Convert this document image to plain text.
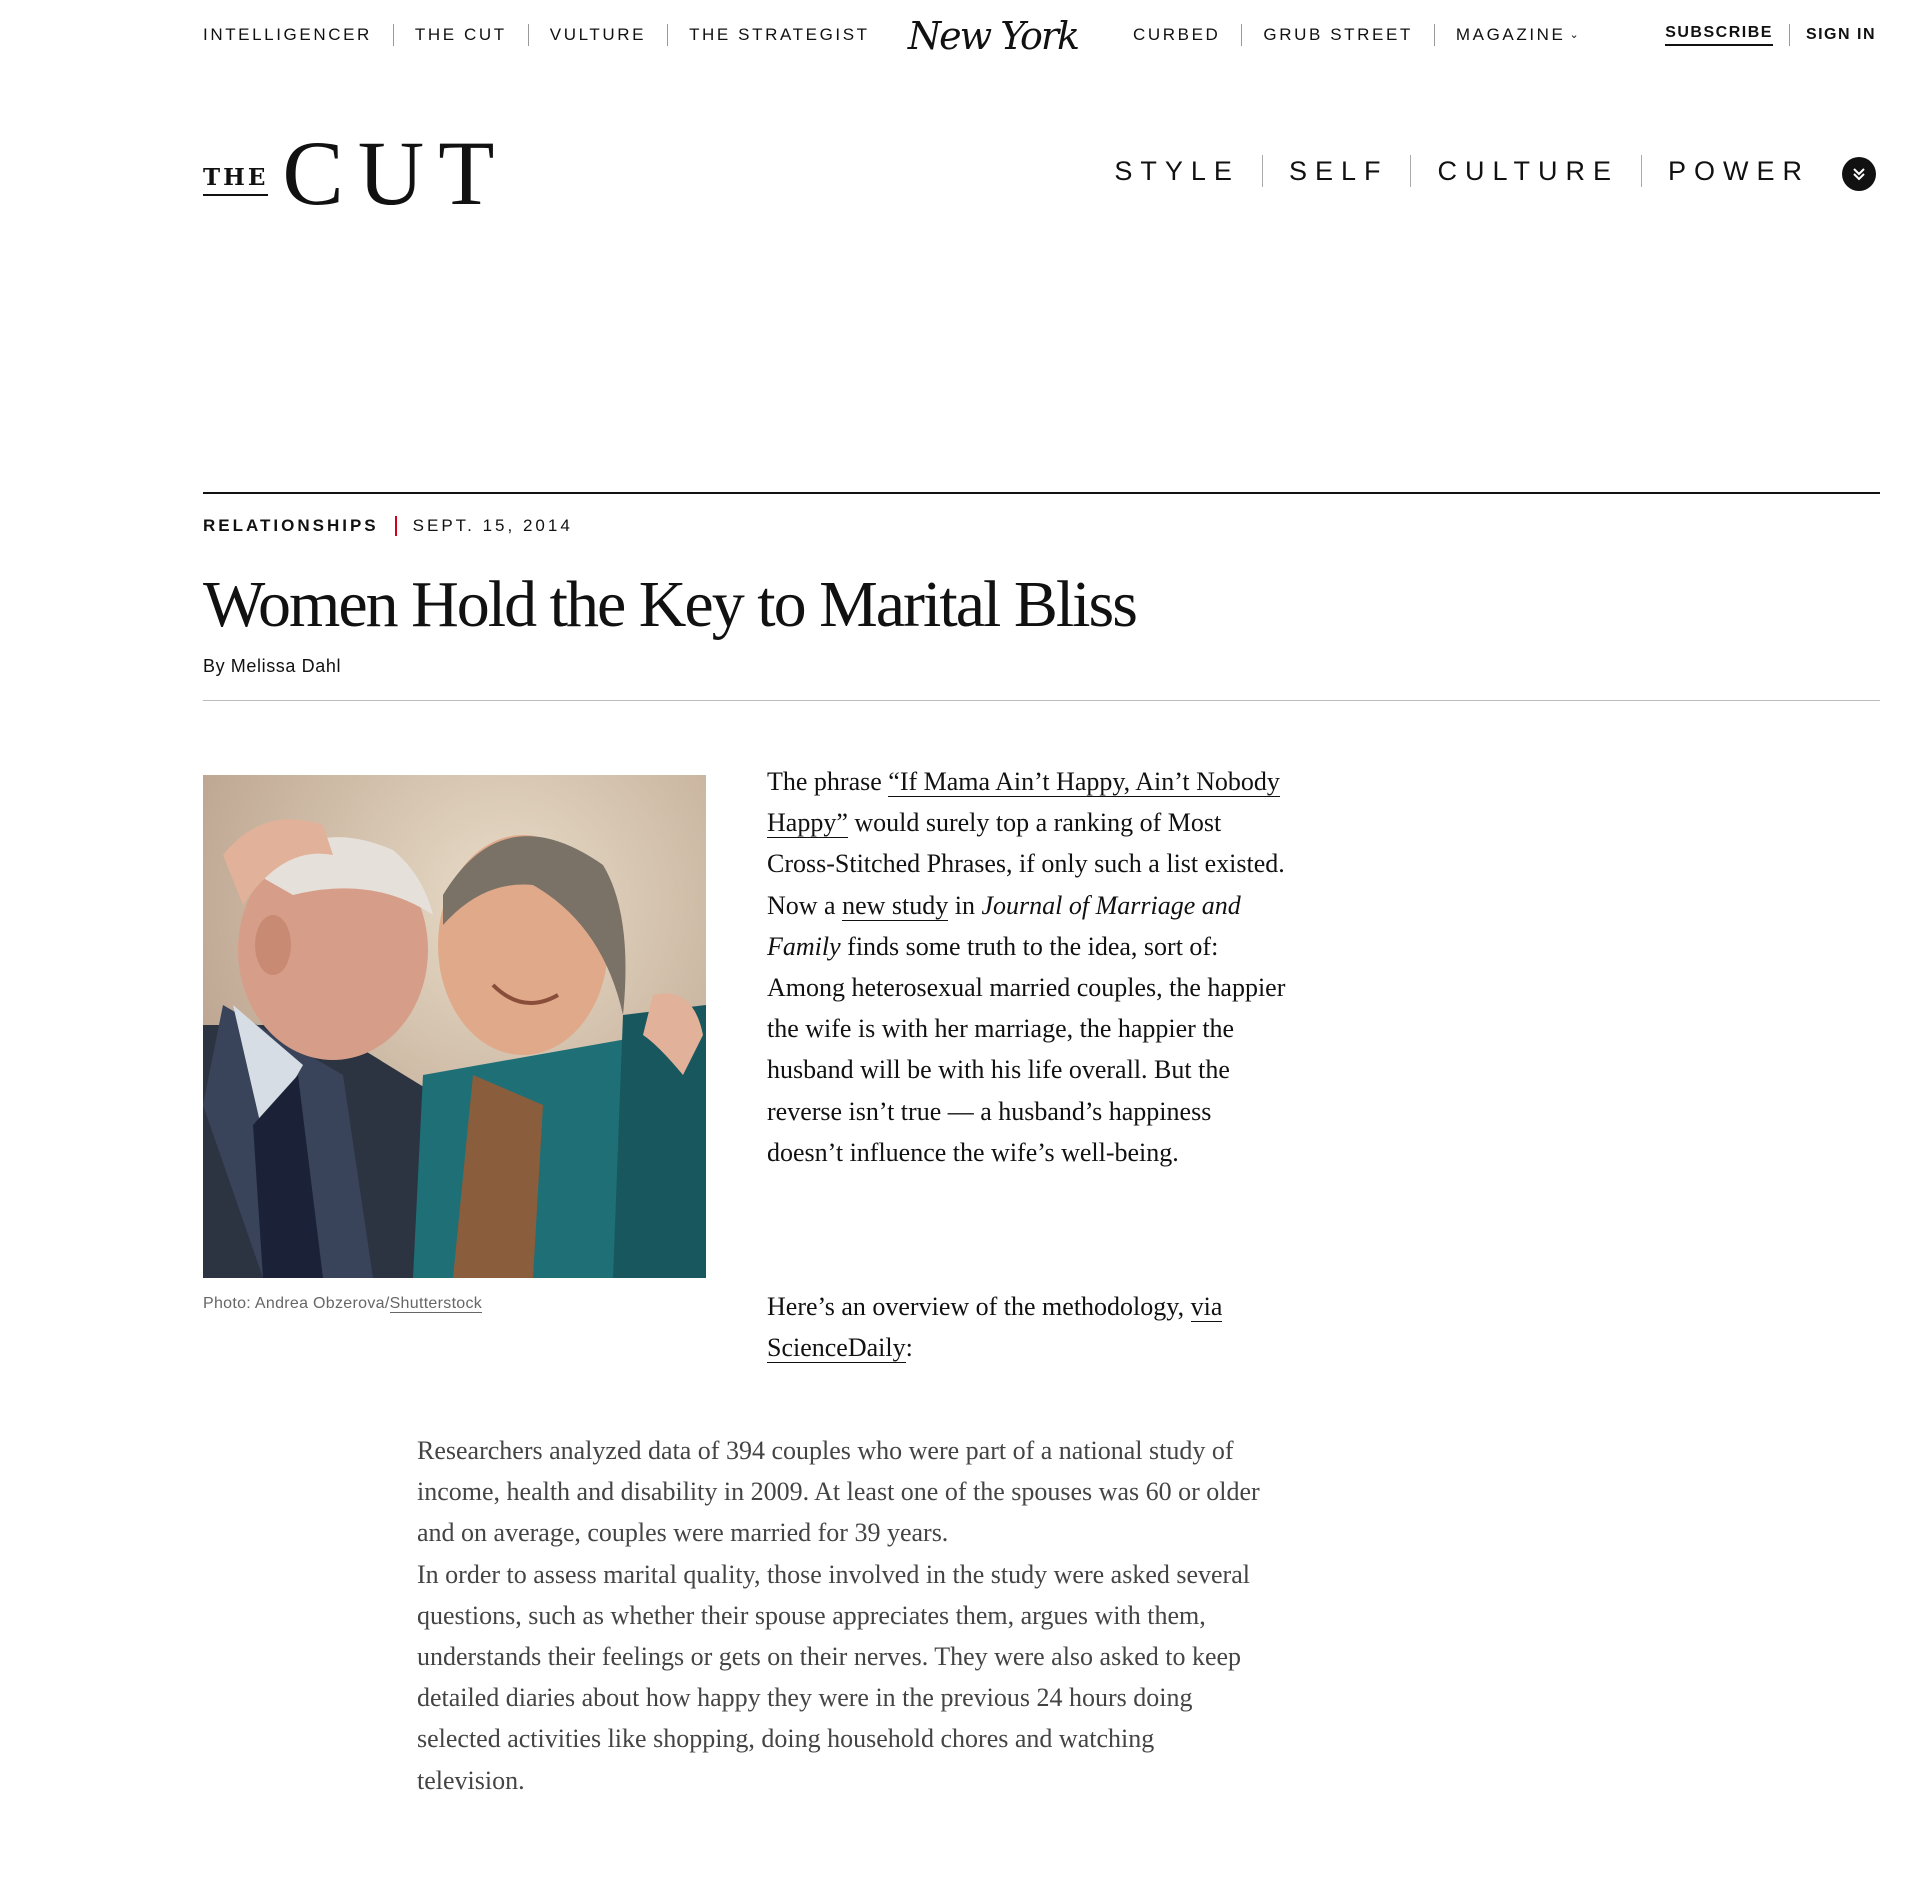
INTELLIGENCER	THE CUT	VULTURE	THE STRATEGIST New York	CURBED	GRUB STREET	MAGAZINE ⌄	SUBSCRIBE SIGN IN
THE CUT	STYLE SELF CULTURE POWER
RELATIONSHIPS SEPT. 15, 2014
Women Hold the Key to Marital Bliss
By Melissa Dahl
Photo: Andrea Obzerova/Shutterstock

The phrase “If Mama Ain’t Happy, Ain’t Nobody Happy” would surely top a ranking of Most Cross-Stitched Phrases, if only such a list existed. Now a new study in Journal of Marriage and Family finds some truth to the idea, sort of: Among heterosexual married couples, the happier the wife is with her marriage, the happier the husband will be with his life overall. But the reverse isn’t true — a husband’s happiness doesn’t influence the wife’s well-being.

Here’s an overview of the methodology, via ScienceDaily:

Researchers analyzed data of 394 couples who were part of a national study of income, health and disability in 2009. At least one of the spouses was 60 or older and on average, couples were married for 39 years.

In order to assess marital quality, those involved in the study were asked several questions, such as whether their spouse appreciates them, argues with them, understands their feelings or gets on their nerves. They were also asked to keep detailed diaries about how happy they were in the previous 24 hours doing selected activities like shopping, doing household chores and watching television.
